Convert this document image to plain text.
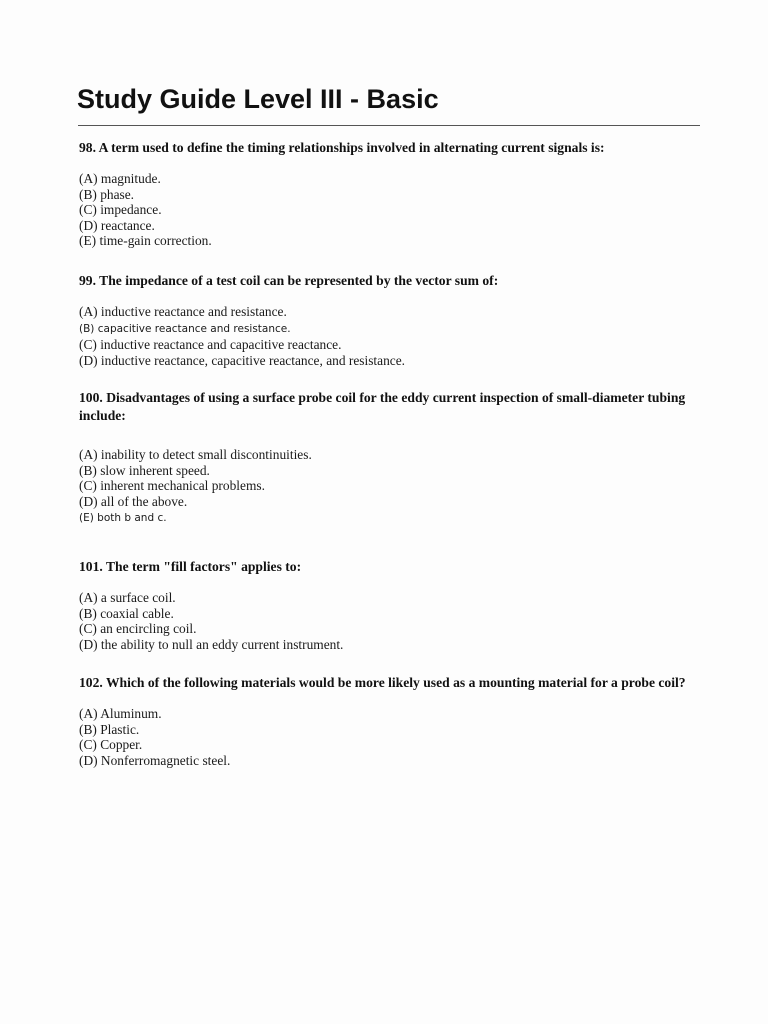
Study Guide Level III - Basic

98. A term used to define the timing relationships involved in alternating current signals is:

(A) magnitude.
(B) phase.
(C) impedance.
(D) reactance.
(E) time-gain correction.

99. The impedance of a test coil can be represented by the vector sum of:

(A) inductive reactance and resistance.
(B) capacitive reactance and resistance.
(C) inductive reactance and capacitive reactance.
(D) inductive reactance, capacitive reactance, and resistance.

100. Disadvantages of using a surface probe coil for the eddy current inspection of small-diameter tubing include:

(A) inability to detect small discontinuities.
(B) slow inherent speed.
(C) inherent mechanical problems.
(D) all of the above.
(E) both b and c.

101. The term "fill factors" applies to:

(A) a surface coil.
(B) coaxial cable.
(C) an encircling coil.
(D) the ability to null an eddy current instrument.

102. Which of the following materials would be more likely used as a mounting material for a probe coil?

(A) Aluminum.
(B) Plastic.
(C) Copper.
(D) Nonferromagnetic steel.
